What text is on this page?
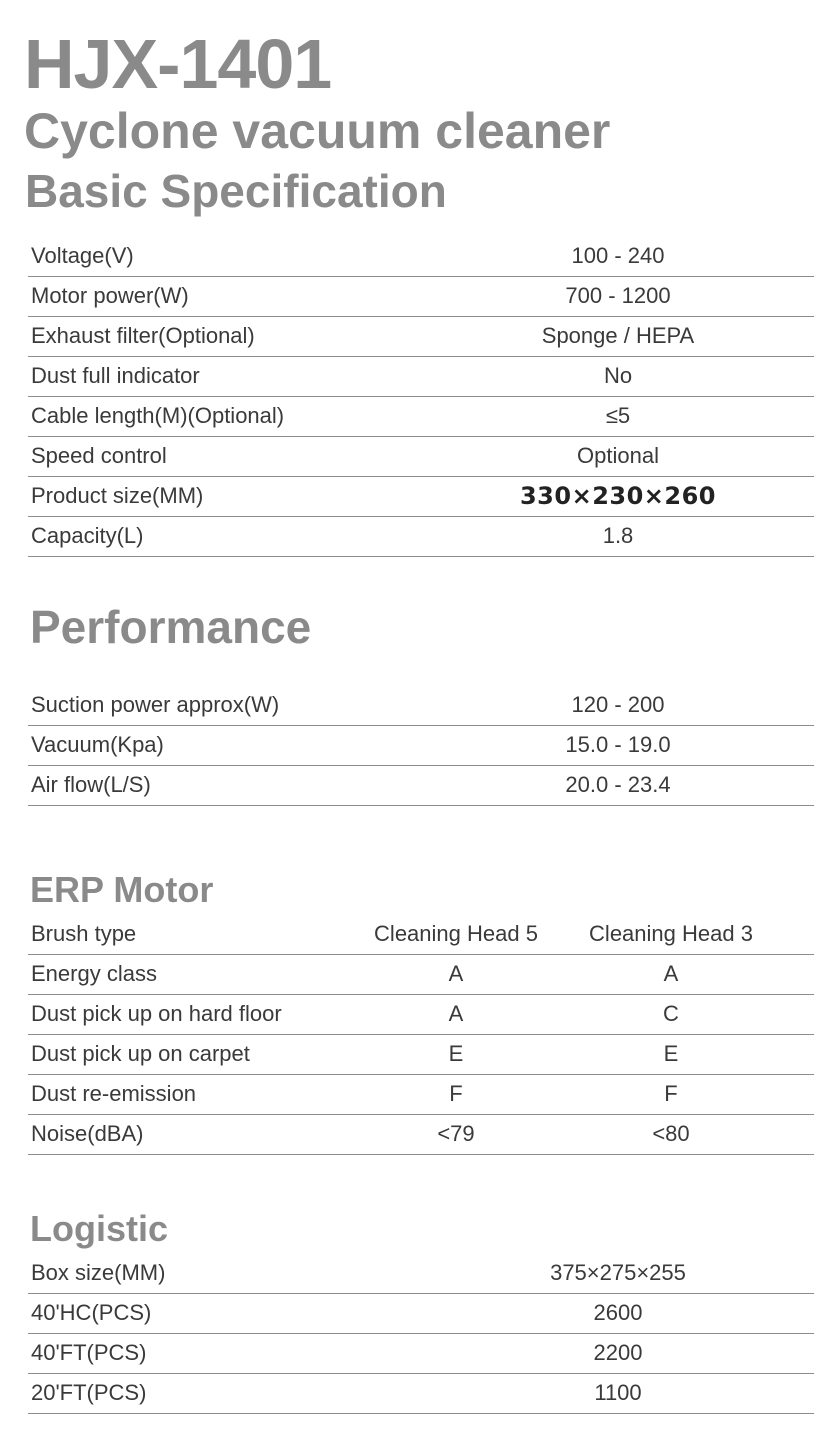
HJX-1401
Cyclone vacuum cleaner
Basic Specification
Voltage(V)	100 - 240
Motor power(W)	700 - 1200
Exhaust filter(Optional)	Sponge / HEPA
Dust full indicator	No
Cable length(M)(Optional)	≤5
Speed control	Optional
Product size(MM)	330×230×260
Capacity(L)	1.8
Performance
Suction power approx(W)	120 - 200
Vacuum(Kpa)	15.0 - 19.0
Air flow(L/S)	20.0 - 23.4
ERP Motor
Brush type	Cleaning Head 5	Cleaning Head 3
Energy class	A	A
Dust pick up on hard floor	A	C
Dust pick up on carpet	E	E
Dust re-emission	F	F
Noise(dBA)	<79	<80
Logistic
Box size(MM)	375×275×255
40'HC(PCS)	2600
40'FT(PCS)	2200
20'FT(PCS)	1100
